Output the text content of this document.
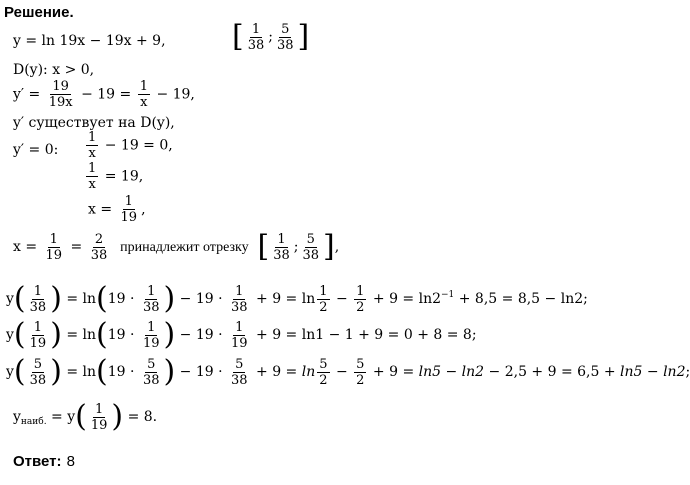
Решение.
y = ln 19x − 19x + 9, [ $\frac{1}{38}$ ; $\frac{5}{38}$ ]
D(y): x > 0,
$y' = \frac{19}{19x} - 19 = \frac{1}{x} - 19$,
y′ существует на D(y),
y′ = 0: $\frac{1}{x} - 19 = 0$,
$\frac{1}{x} = 19$,
$x = \frac{1}{19}$ ,
$x = \frac{1}{19} = \frac{2}{38}$ принадлежит отрезку [ $\frac{1}{38}$ ; $\frac{5}{38}$ ],
$y( \frac{1}{38}$ ) = $\ln(19 \cdot \frac{1}{38}$ ) − $19 \cdot \frac{1}{38} + 9 = \ln \frac{1}{2} - \frac{1}{2} + 9 = \ln 2^{-1} + 8,5 = 8,5 - \ln 2$;
$y( \frac{1}{19}$ ) = $\ln(19 \cdot \frac{1}{19}$ ) − $19 \cdot \frac{1}{19} + 9 = \ln 1 - 1 + 9 = 0 + 8 = 8$;
$y( \frac{5}{38}$ ) = $\ln(19 \cdot \frac{5}{38}$ ) − $19 \cdot \frac{5}{38} + 9 = \ln \frac{5}{2} - \frac{5}{2} + 9 = \ln 5 - \ln 2 - 2,5 + 9 = 6,5 + \ln 5 - \ln 2$;
$y_{наиб.} = y( \frac{1}{19}$ ) = 8.
Ответ: 8
